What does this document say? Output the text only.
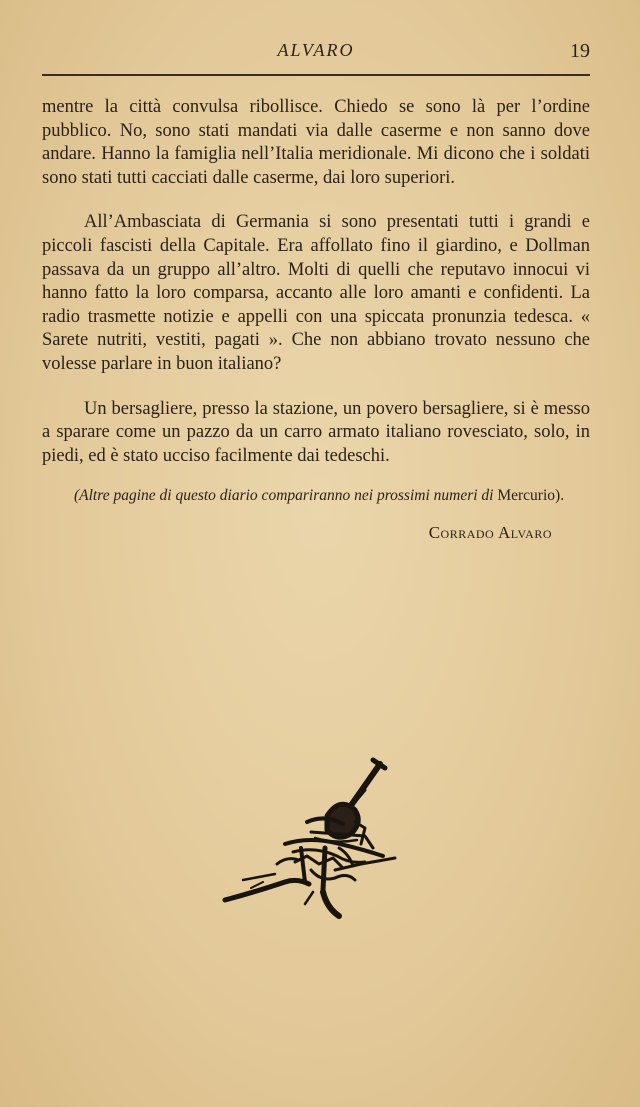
ALVARO	19

mentre la città convulsa ribollisce. Chiedo se sono là per l’ordine pubblico. No, sono stati mandati via dalle caserme e non sanno dove andare. Hanno la famiglia nell’Italia meridionale. Mi dicono che i soldati sono stati tutti cacciati dalle caserme, dai loro superiori.

All’Ambasciata di Germania si sono presentati tutti i grandi e piccoli fascisti della Capitale. Era affollato fino il giardino, e Dollman passava da un gruppo all’altro. Molti di quelli che reputavo innocui vi hanno fatto la loro comparsa, accanto alle loro amanti e confidenti. La radio trasmette notizie e appelli con una spiccata pronunzia tedesca. « Sarete nutriti, vestiti, pagati ». Che non abbiano trovato nessuno che volesse parlare in buon italiano?

Un bersagliere, presso la stazione, un povero bersagliere, si è messo a sparare come un pazzo da un carro armato italiano rovesciato, solo, in piedi, ed è stato ucciso facilmente dai tedeschi.

(Altre pagine di questo diario compariranno nei prossimi numeri di Mercurio).

Corrado Alvaro
